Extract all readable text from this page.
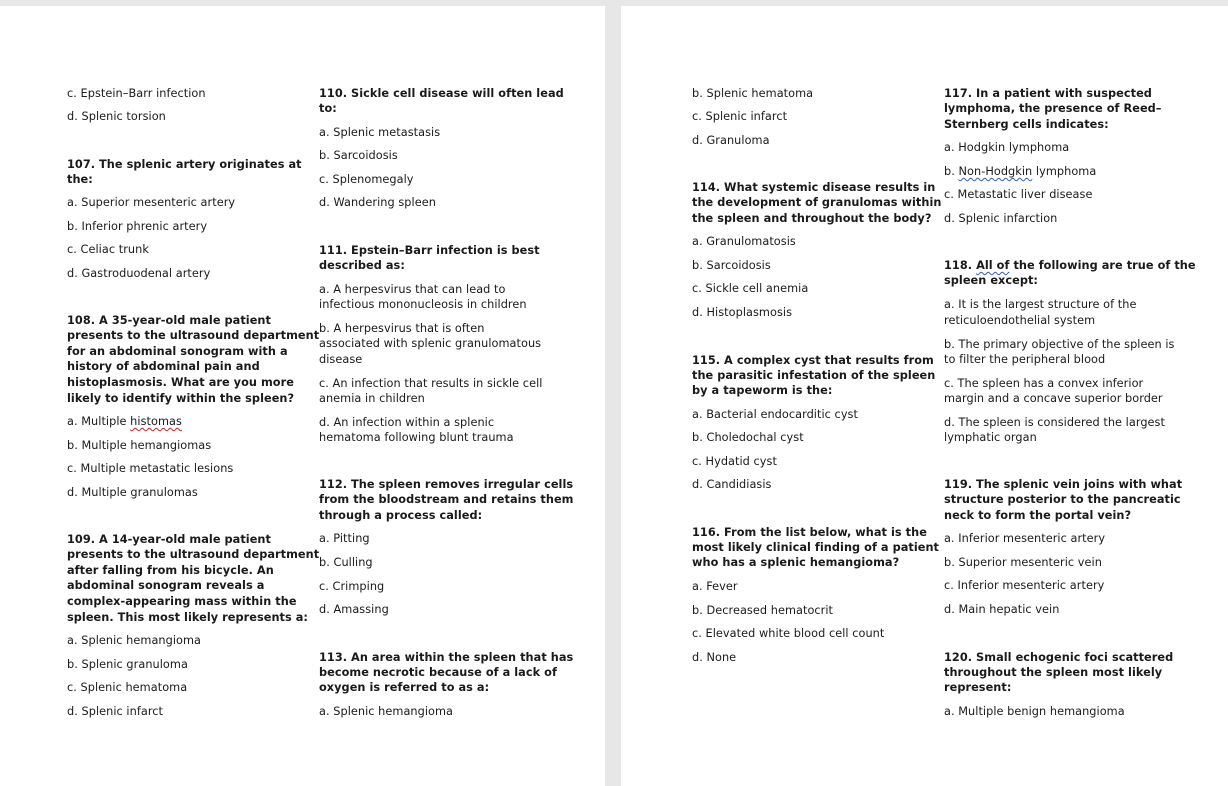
c. Epstein–Barr infection
d. Splenic torsion
107. The splenic artery originates at
the:
a. Superior mesenteric artery
b. Inferior phrenic artery
c. Celiac trunk
d. Gastroduodenal artery
108. A 35-year-old male patient
presents to the ultrasound department
for an abdominal sonogram with a
history of abdominal pain and
histoplasmosis. What are you more
likely to identify within the spleen?
a. Multiple histomas
b. Multiple hemangiomas
c. Multiple metastatic lesions
d. Multiple granulomas
109. A 14-year-old male patient
presents to the ultrasound department
after falling from his bicycle. An
abdominal sonogram reveals a
complex-appearing mass within the
spleen. This most likely represents a:
a. Splenic hemangioma
b. Splenic granuloma
c. Splenic hematoma
d. Splenic infarct
110. Sickle cell disease will often lead
to:
a. Splenic metastasis
b. Sarcoidosis
c. Splenomegaly
d. Wandering spleen
111. Epstein–Barr infection is best
described as:
a. A herpesvirus that can lead to
infectious mononucleosis in children
b. A herpesvirus that is often
associated with splenic granulomatous
disease
c. An infection that results in sickle cell
anemia in children
d. An infection within a splenic
hematoma following blunt trauma
112. The spleen removes irregular cells
from the bloodstream and retains them
through a process called:
a. Pitting
b. Culling
c. Crimping
d. Amassing
113. An area within the spleen that has
become necrotic because of a lack of
oxygen is referred to as a:
a. Splenic hemangioma
b. Splenic hematoma
c. Splenic infarct
d. Granuloma
114. What systemic disease results in
the development of granulomas within
the spleen and throughout the body?
a. Granulomatosis
b. Sarcoidosis
c. Sickle cell anemia
d. Histoplasmosis
115. A complex cyst that results from
the parasitic infestation of the spleen
by a tapeworm is the:
a. Bacterial endocarditic cyst
b. Choledochal cyst
c. Hydatid cyst
d. Candidiasis
116. From the list below, what is the
most likely clinical finding of a patient
who has a splenic hemangioma?
a. Fever
b. Decreased hematocrit
c. Elevated white blood cell count
d. None
117. In a patient with suspected
lymphoma, the presence of Reed–
Sternberg cells indicates:
a. Hodgkin lymphoma
b. Non-Hodgkin lymphoma
c. Metastatic liver disease
d. Splenic infarction
118. All of the following are true of the
spleen except:
a. It is the largest structure of the
reticuloendothelial system
b. The primary objective of the spleen is
to filter the peripheral blood
c. The spleen has a convex inferior
margin and a concave superior border
d. The spleen is considered the largest
lymphatic organ
119. The splenic vein joins with what
structure posterior to the pancreatic
neck to form the portal vein?
a. Inferior mesenteric artery
b. Superior mesenteric vein
c. Inferior mesenteric artery
d. Main hepatic vein
120. Small echogenic foci scattered
throughout the spleen most likely
represent:
a. Multiple benign hemangioma
